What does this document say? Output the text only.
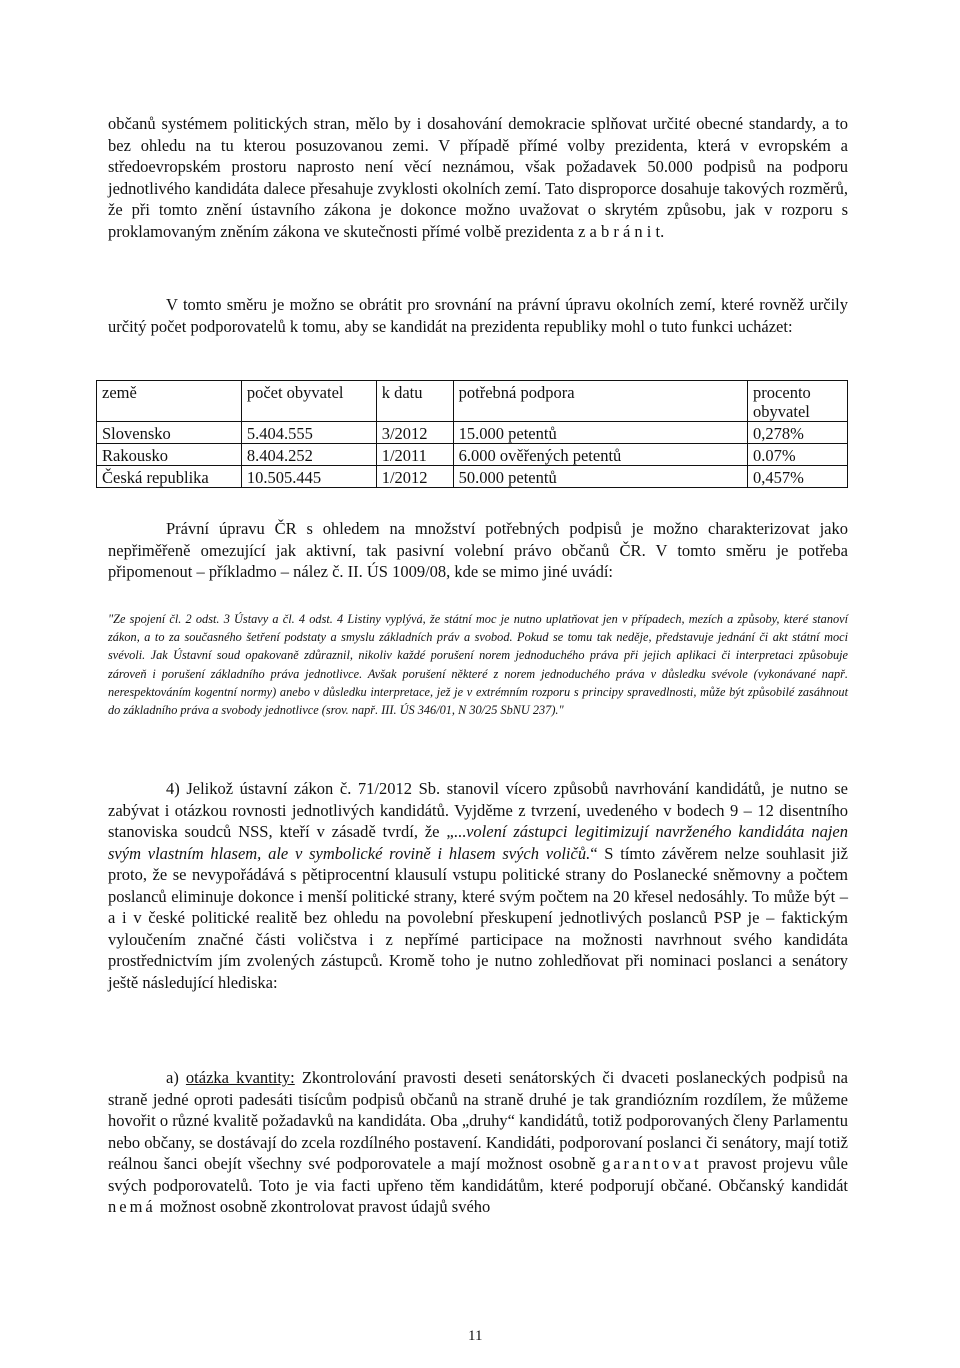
občanů systémem politických stran, mělo by i dosahování demokracie splňovat určité obecné standardy, a to bez ohledu na tu kterou posuzovanou zemi. V případě přímé volby prezidenta, která v evropském a středoevropském prostoru naprosto není věcí neznámou, však požadavek 50.000 podpisů na podporu jednotlivého kandidáta dalece přesahuje zvyklosti okolních zemí. Tato disproporce dosahuje takových rozměrů, že při tomto znění ústavního zákona je dokonce možno uvažovat o skrytém způsobu, jak v rozporu s proklamovaným zněním zákona ve skutečnosti přímé volbě prezidenta z a b r á n i t.

V tomto směru je možno se obrátit pro srovnání na právní úpravu okolních zemí, které rovněž určily určitý počet podporovatelů k tomu, aby se kandidát na prezidenta republiky mohl o tuto funkci ucházet:

země	počet obyvatel	k datu	potřebná podpora	procento obyvatel
Slovensko	5.404.555	3/2012	15.000 petentů	0,278%
Rakousko	8.404.252	1/2011	6.000 ověřených petentů	0.07%
Česká republika	10.505.445	1/2012	50.000 petentů	0,457%

Právní úpravu ČR s ohledem na množství potřebných podpisů je možno charakterizovat jako nepřiměřeně omezující jak aktivní, tak pasivní volební právo občanů ČR. V tomto směru je potřeba připomenout – příkladmo – nález č. II. ÚS 1009/08, kde se mimo jiné uvádí:

"Ze spojení čl. 2 odst. 3 Ústavy a čl. 4 odst. 4 Listiny vyplývá, že státní moc je nutno uplatňovat jen v případech, mezích a způsoby, které stanoví zákon, a to za současného šetření podstaty a smyslu základních práv a svobod. Pokud se tomu tak neděje, představuje jednání či akt státní moci svévoli. Jak Ústavní soud opakovaně zdůraznil, nikoliv každé porušení norem jednoduchého práva při jejich aplikaci či interpretaci způsobuje zároveň i porušení základního práva jednotlivce. Avšak porušení některé z norem jednoduchého práva v důsledku svévole (vykonávané např. nerespektováním kogentní normy) anebo v důsledku interpretace, jež je v extrémním rozporu s principy spravedlnosti, může být způsobilé zasáhnout do základního práva a svobody jednotlivce (srov. např. III. ÚS 346/01, N 30/25 SbNU 237)."

4) Jelikož ústavní zákon č. 71/2012 Sb. stanovil vícero způsobů navrhování kandidátů, je nutno se zabývat i otázkou rovnosti jednotlivých kandidátů. Vyjděme z tvrzení, uvedeného v bodech 9 – 12 disentního stanoviska soudců NSS, kteří v zásadě tvrdí, že „...volení zástupci legitimizují navrženého kandidáta najen svým vlastním hlasem, ale v symbolické rovině i hlasem svých voličů.“ S tímto závěrem nelze souhlasit již proto, že se nevypořádává s pětiprocentní klausulí vstupu politické strany do Poslanecké sněmovny a počtem poslanců eliminuje dokonce i menší politické strany, které svým počtem na 20 křesel nedosáhly. To může být – a i v české politické realitě bez ohledu na povolební přeskupení jednotlivých poslanců PSP je – faktickým vyloučením značné části voličstva i z nepřímé participace na možnosti navrhnout svého kandidáta prostřednictvím jím zvolených zástupců. Kromě toho je nutno zohledňovat při nominaci poslanci a senátory ještě následující hlediska:

a) otázka kvantity: Zkontrolování pravosti deseti senátorských či dvaceti poslaneckých podpisů na straně jedné oproti padesáti tisícům podpisů občanů na straně druhé je tak grandiózním rozdílem, že můžeme hovořit o různé kvalitě požadavků na kandidáta. Oba „druhy“ kandidátů, totiž podporovaných členy Parlamentu nebo občany, se dostávají do zcela rozdílného postavení. Kandidáti, podporovaní poslanci či senátory, mají totiž reálnou šanci obejít všechny své podporovatele a mají možnost osobně garantovat pravost projevu vůle svých podporovatelů. Toto je via facti upřeno těm kandidátům, které podporují občané. Občanský kandidát nemá možnost osobně zkontrolovat pravost údajů svého

11
